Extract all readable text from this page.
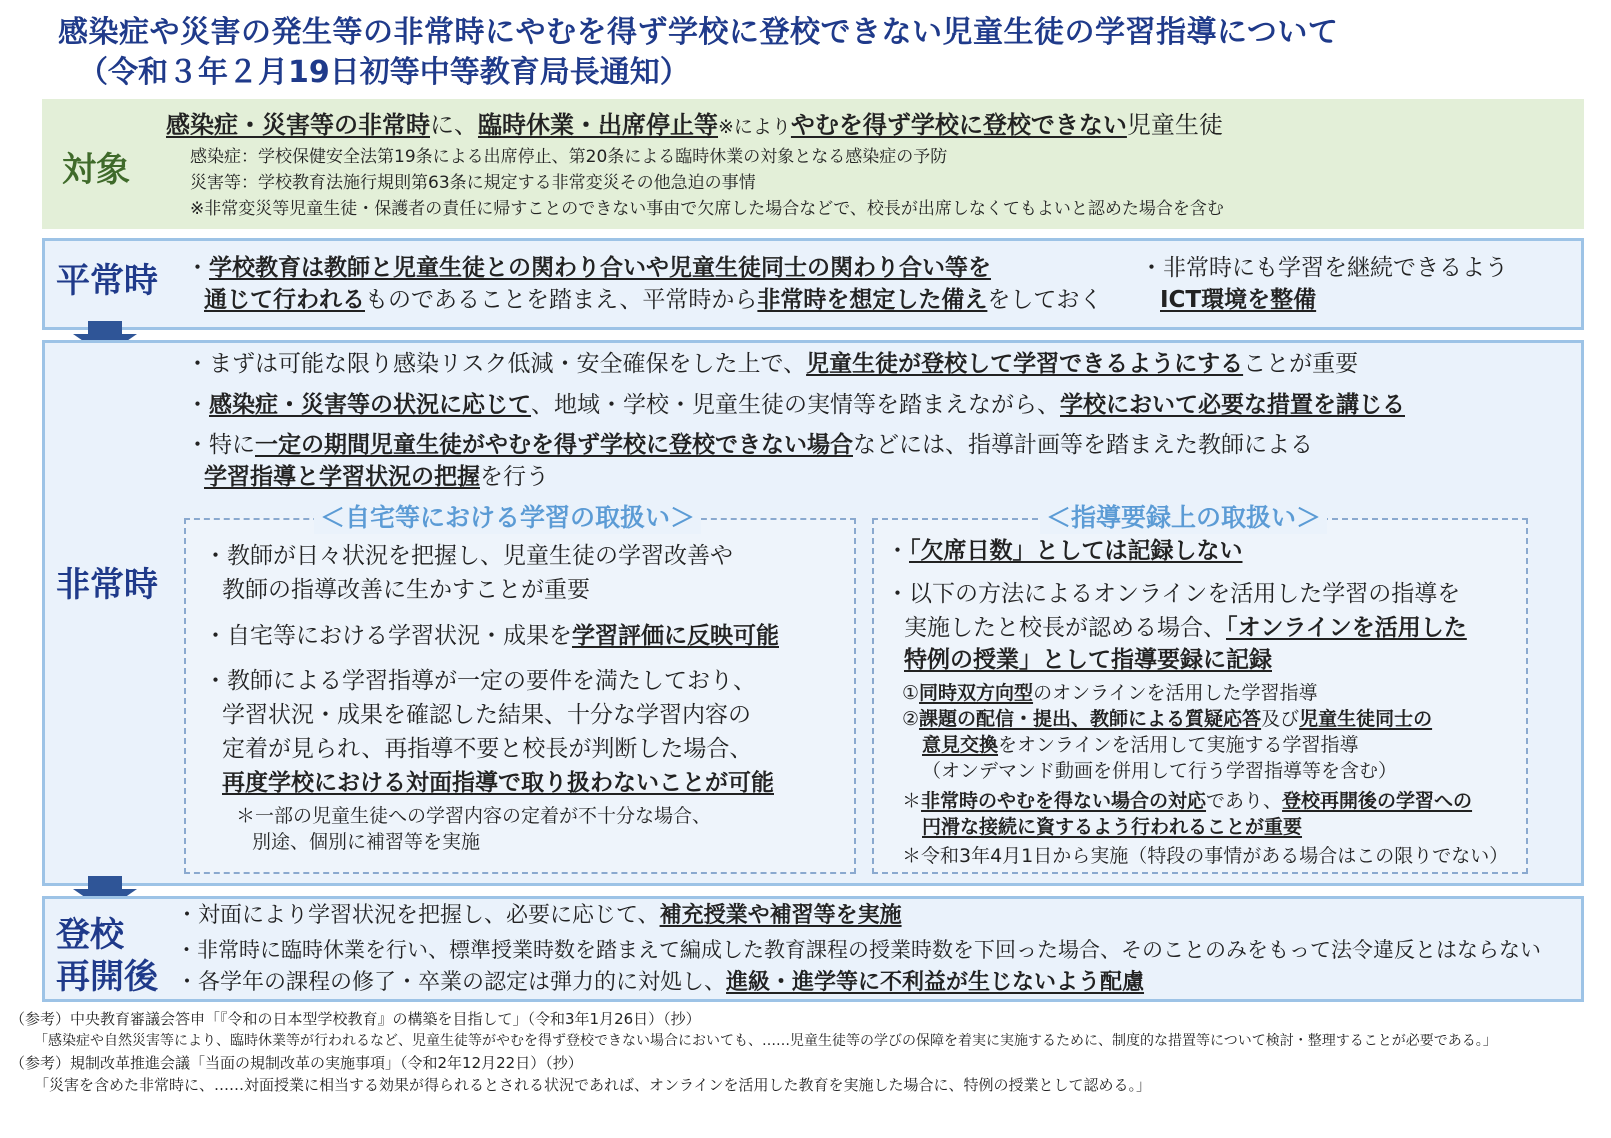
感染症や災害の発生等の非常時にやむを得ず学校に登校できない児童生徒の学習指導について
（令和３年２月19日初等中等教育局長通知）
対象
感染症・災害等の非常時に、臨時休業・出席停止等※によりやむを得ず学校に登校できない児童生徒
感染症：学校保健安全法第19条による出席停止、第20条による臨時休業の対象となる感染症の予防
災害等：学校教育法施行規則第63条に規定する非常変災その他急迫の事情
※非常変災等児童生徒・保護者の責任に帰すことのできない事由で欠席した場合などで、校長が出席しなくてもよいと認めた場合を含む
平常時 ・学校教育は教師と児童生徒との関わり合いや児童生徒同士の関わり合い等を
通じて行われるものであることを踏まえ、平常時から非常時を想定した備えをしておく
・非常時にも学習を継続できるよう
ICT環境を整備
非常時
・まずは可能な限り感染リスク低減・安全確保をした上で、児童生徒が登校して学習できるようにすることが重要
・感染症・災害等の状況に応じて、地域・学校・児童生徒の実情等を踏まえながら、学校において必要な措置を講じる
・特に一定の期間児童生徒がやむを得ず学校に登校できない場合などには、指導計画等を踏まえた教師による
学習指導と学習状況の把握を行う
＜自宅等における学習の取扱い＞
・教師が日々状況を把握し、児童生徒の学習改善や
教師の指導改善に生かすことが重要
・自宅等における学習状況・成果を学習評価に反映可能
・教師による学習指導が一定の要件を満たしており、
学習状況・成果を確認した結果、十分な学習内容の
定着が見られ、再指導不要と校長が判断した場合、
再度学校における対面指導で取り扱わないことが可能
＊一部の児童生徒への学習内容の定着が不十分な場合、
別途、個別に補習等を実施
＜指導要録上の取扱い＞
・「欠席日数」としては記録しない
・以下の方法によるオンラインを活用した学習の指導を
実施したと校長が認める場合、「オンラインを活用した
特例の授業」として指導要録に記録
①同時双方向型のオンラインを活用した学習指導
②課題の配信・提出、教師による質疑応答及び児童生徒同士の
意見交換をオンラインを活用して実施する学習指導
（オンデマンド動画を併用して行う学習指導等を含む）
＊非常時のやむを得ない場合の対応であり、登校再開後の学習への
円滑な接続に資するよう行われることが重要
＊令和3年4月1日から実施（特段の事情がある場合はこの限りでない）
登校
再開後
・対面により学習状況を把握し、必要に応じて、補充授業や補習等を実施
・非常時に臨時休業を行い、標準授業時数を踏まえて編成した教育課程の授業時数を下回った場合、そのことのみをもって法令違反とはならない
・各学年の課程の修了・卒業の認定は弾力的に対処し、進級・進学等に不利益が生じないよう配慮
（参考）中央教育審議会答申「『令和の日本型学校教育』の構築を目指して」（令和3年1月26日）（抄）
「感染症や自然災害等により、臨時休業等が行われるなど、児童生徒等がやむを得ず登校できない場合においても、……児童生徒等の学びの保障を着実に実施するために、制度的な措置等について検討・整理することが必要である。」
（参考）規制改革推進会議「当面の規制改革の実施事項」（令和2年12月22日）（抄）
「災害を含めた非常時に、……対面授業に相当する効果が得られるとされる状況であれば、オンラインを活用した教育を実施した場合に、特例の授業として認める。」
